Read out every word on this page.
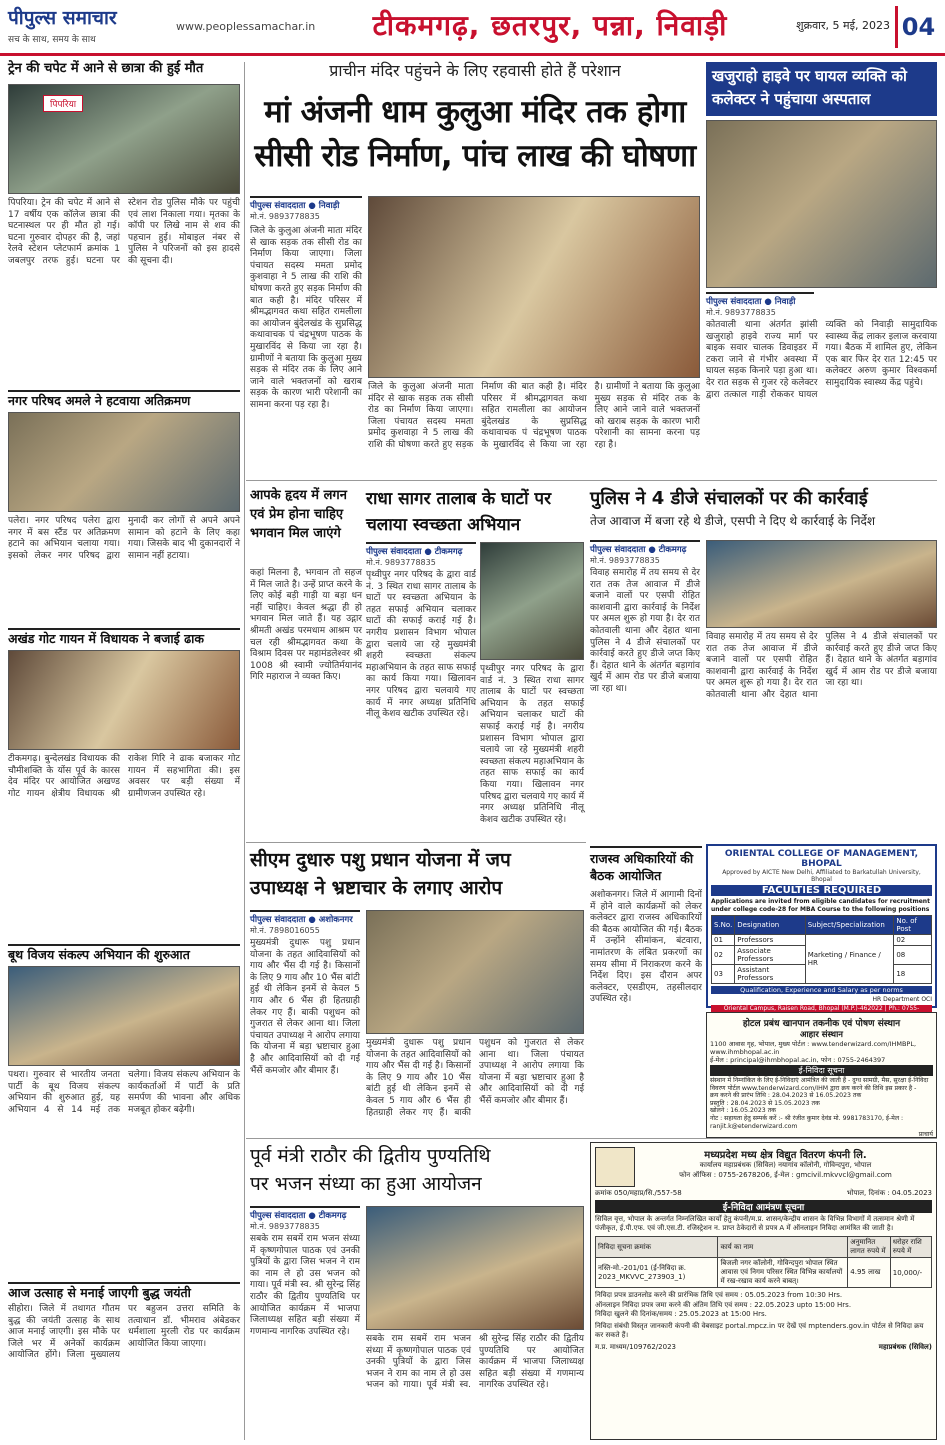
पीपुल्स समाचार
सच के साथ, समय के साथ
www.peoplessamachar.in	टीकमगढ़, छतरपुर, पन्ना, निवाड़ी	शुक्रवार, 5 मई, 2023 04
ट्रेन की चपेट में आने से छात्रा की हुई मौत
पिपरिया
पिपरिया। ट्रेन की चपेट में आने से 17 वर्षीय एक कॉलेज छात्रा की घटनास्थल पर ही मौत हो गई। घटना गुरुवार दोपहर की है, जहां रेलवे स्टेशन प्लेटफार्म क्रमांक 1 जबलपुर तरफ हुई। घटना पर स्टेशन रोड पुलिस मौके पर पहुंची एवं लाश निकाला गया। मृतका के कॉपी पर लिखे नाम से शव की पहचान हुई। मोबाइल नंबर से पुलिस ने परिजनों को इस हादसे की सूचना दी।
नगर परिषद अमले ने हटवाया अतिक्रमण
पलेरा। नगर परिषद पलेरा द्वारा नगर में बस स्टैंड पर अतिक्रमण हटाने का अभियान चलाया गया। इसको लेकर नगर परिषद द्वारा मुनादी कर लोगों से अपने अपने सामान को हटाने के लिए कहा गया। जिसके बाद भी दुकानदारों ने सामान नहीं हटाया।
अखंड गोट गायन में विधायक ने बजाई ढाक
टीकमगढ़। बुन्देलखंड विधायक की चौमीशक्ति के योंस पूर्व के कारस देव मंदिर पर आयोजित अखण्ड गोट गायन क्षेत्रीय विधायक श्री राकेश गिरि ने ढाक बजाकर गोट गायन में सहभागिता की। इस अवसर पर बड़ी संख्या में ग्रामीणजन उपस्थित रहे।
बूथ विजय संकल्प अभियान की शुरुआत
पथरा। गुरुवार से भारतीय जनता पार्टी के बूथ विजय संकल्प अभियान की शुरुआत हुई, यह अभियान 4 से 14 मई तक चलेगा। विजय संकल्प अभियान के कार्यकर्ताओं में पार्टी के प्रति समर्पण की भावना और अधिक मजबूत होकर बढ़ेगी।
आज उत्साह से मनाई जाएगी बुद्ध जयंती
सीहोरा। जिले में तथागत गौतम बुद्ध की जयंती उत्साह के साथ आज मनाई जाएगी। इस मौके पर जिले भर में अनेकों कार्यक्रम आयोजित होंगे। जिला मुख्यालय पर बहुजन उत्तरा समिति के तत्वाधान डॉ. भीमराव अंबेडकर धर्मशाला मुरली रोड पर कार्यक्रम आयोजित किया जाएगा।
प्राचीन मंदिर पहुंचने के लिए रहवासी होते हैं परेशान
मां अंजनी धाम कुलुआ मंदिर तक होगा
सीसी रोड निर्माण, पांच लाख की घोषणा
पीपुल्स संवाददाता ● निवाड़ी
मो.नं. 9893778835
जिले के कुलुआ अंजनी माता मंदिर से खाक सड़क तक सीसी रोड का निर्माण किया जाएगा। जिला पंचायत सदस्य ममता प्रमोद कुशवाहा ने 5 लाख की राशि की घोषणा करते हुए सड़क निर्माण की बात कही है। मंदिर परिसर में श्रीमद्भागवत कथा सहित रामलीला का आयोजन बुंदेलखंड के सुप्रसिद्ध कथावाचक पं चंद्रभूषण पाठक के मुखारविंद से किया जा रहा है। ग्रामीणों ने बताया कि कुलुआ मुख्य सड़क से मंदिर तक के लिए आने जाने वाले भक्तजनों को खराब सड़क के कारण भारी परेशानी का सामना करना पड़ रहा है।
जिले के कुलुआ अंजनी माता मंदिर से खाक सड़क तक सीसी रोड का निर्माण किया जाएगा। जिला पंचायत सदस्य ममता प्रमोद कुशवाहा ने 5 लाख की राशि की घोषणा करते हुए सड़क निर्माण की बात कही है। मंदिर परिसर में श्रीमद्भागवत कथा सहित रामलीला का आयोजन बुंदेलखंड के सुप्रसिद्ध कथावाचक पं चंद्रभूषण पाठक के मुखारविंद से किया जा रहा है। ग्रामीणों ने बताया कि कुलुआ मुख्य सड़क से मंदिर तक के लिए आने जाने वाले भक्तजनों को खराब सड़क के कारण भारी परेशानी का सामना करना पड़ रहा है।
खजुराहो हाइवे पर घायल व्यक्ति को कलेक्टर ने पहुंचाया अस्पताल
पीपुल्स संवाददाता ● निवाड़ी
मो.नं. 9893778835
कोतवाली थाना अंतर्गत झांसी खजुराहो हाइवे राज्य मार्ग पर बाइक सवार चालक डिवाइडर में टकरा जाने से गंभीर अवस्था में घायल सड़क किनारे पड़ा हुआ था। देर रात सड़क से गुजर रहे कलेक्टर द्वारा तत्काल गाड़ी रोककर घायल व्यक्ति को निवाड़ी सामुदायिक स्वास्थ्य केंद्र लाकर इलाज करवाया गया। बैठक में शामिल हुए, लेकिन एक बार फिर देर रात 12:45 पर कलेक्टर अरुण कुमार विश्वकर्मा सामुदायिक स्वास्थ्य केंद्र पहुंचे।
आपके हृदय में लगन एवं प्रेम होना चाहिए भगवान मिल जाएंगे
कहां मिलना है, भगवान तो सहज में मिल जाते है। उन्हें प्राप्त करने के लिए कोई बड़ी गाड़ी या बड़ा धन नहीं चाहिए। केवल श्रद्धा ही हो भगवान मिल जाते हैं। यह उद्गार श्रीमती अखंड परमधाम आश्रम पर चल रही श्रीमद्भागवत कथा के विश्राम दिवस पर महामंडलेश्वर श्री 1008 श्री स्वामी ज्योतिर्मयानंद गिरि महाराज ने व्यक्त किए।
राधा सागर तालाब के घाटों पर चलाया स्वच्छता अभियान
पीपुल्स संवाददाता ● टीकमगढ़
मो.नं. 9893778835
पृथ्वीपुर नगर परिषद के द्वारा वार्ड नं. 3 स्थित राधा सागर तालाब के घाटों पर स्वच्छता अभियान के तहत सफाई अभियान चलाकर घाटों की सफाई कराई गई है। नगरीय प्रशासन विभाग भोपाल द्वारा चलाये जा रहे मुख्यमंत्री शहरी स्वच्छता संकल्प महाअभियान के तहत साफ सफाई का कार्य किया गया। खिलावन नगर परिषद द्वारा चलवाये गए कार्य में नगर अध्यक्ष प्रतिनिधि नीलू केशव खटीक उपस्थित रहे।
पृथ्वीपुर नगर परिषद के द्वारा वार्ड नं. 3 स्थित राधा सागर तालाब के घाटों पर स्वच्छता अभियान के तहत सफाई अभियान चलाकर घाटों की सफाई कराई गई है। नगरीय प्रशासन विभाग भोपाल द्वारा चलाये जा रहे मुख्यमंत्री शहरी स्वच्छता संकल्प महाअभियान के तहत साफ सफाई का कार्य किया गया। खिलावन नगर परिषद द्वारा चलवाये गए कार्य में नगर अध्यक्ष प्रतिनिधि नीलू केशव खटीक उपस्थित रहे।
पुलिस ने 4 डीजे संचालकों पर की कार्रवाई
तेज आवाज में बजा रहे थे डीजे, एसपी ने दिए थे कार्रवाई के निर्देश
पीपुल्स संवाददाता ● टीकमगढ़
मो.नं. 9893778835
विवाह समारोह में तय समय से देर रात तक तेज आवाज में डीजे बजाने वालों पर एसपी रोहित काशवानी द्वारा कार्रवाई के निर्देश पर अमल शुरू हो गया है। देर रात कोतवाली थाना और देहात थाना पुलिस ने 4 डीजे संचालकों पर कार्रवाई करते हुए डीजे जप्त किए हैं। देहात थाने के अंतर्गत बड़ागांव खुर्द में आम रोड पर डीजे बजाया जा रहा था।
विवाह समारोह में तय समय से देर रात तक तेज आवाज में डीजे बजाने वालों पर एसपी रोहित काशवानी द्वारा कार्रवाई के निर्देश पर अमल शुरू हो गया है। देर रात कोतवाली थाना और देहात थाना पुलिस ने 4 डीजे संचालकों पर कार्रवाई करते हुए डीजे जप्त किए हैं। देहात थाने के अंतर्गत बड़ागांव खुर्द में आम रोड पर डीजे बजाया जा रहा था।
सीएम दुधारु पशु प्रधान योजना में जप
उपाध्यक्ष ने भ्रष्टाचार के लगाए आरोप
पीपुल्स संवाददाता ● अशोकनगर
मो.नं. 7898016055
मुख्यमंत्री दुधारू पशु प्रधान योजना के तहत आदिवासियों को गाय और भैंस दी गई है। किसानों के लिए 9 गाय और 10 भैंस बांटी हुई थी लेकिन इनमें से केवल 5 गाय और 6 भैंस ही हितग्राही लेकर गए हैं। बाकी पशुधन को गुजरात से लेकर आना था। जिला पंचायत उपाध्यक्ष ने आरोप लगाया कि योजना में बड़ा भ्रष्टाचार हुआ है और आदिवासियों को दी गई भैंसें कमजोर और बीमार हैं।
मुख्यमंत्री दुधारू पशु प्रधान योजना के तहत आदिवासियों को गाय और भैंस दी गई है। किसानों के लिए 9 गाय और 10 भैंस बांटी हुई थी लेकिन इनमें से केवल 5 गाय और 6 भैंस ही हितग्राही लेकर गए हैं। बाकी पशुधन को गुजरात से लेकर आना था। जिला पंचायत उपाध्यक्ष ने आरोप लगाया कि योजना में बड़ा भ्रष्टाचार हुआ है और आदिवासियों को दी गई भैंसें कमजोर और बीमार हैं।
राजस्व अधिकारियों की बैठक आयोजित
अशोकनगर। जिले में आगामी दिनों में होने वाले कार्यक्रमों को लेकर कलेक्टर द्वारा राजस्व अधिकारियों की बैठक आयोजित की गई। बैठक में उन्होंने सीमांकन, बंटवारा, नामांतरण के लंबित प्रकरणों का समय सीमा में निराकरण करने के निर्देश दिए। इस दौरान अपर कलेक्टर, एसडीएम, तहसीलदार उपस्थित रहे।
ORIENTAL COLLEGE OF MANAGEMENT, BHOPAL
Approved by AICTE New Delhi, Affiliated to Barkatullah University, Bhopal
FACULTIES REQUIRED
Applications are invited from eligible candidates for recruitment under college code-28 for MBA Course to the following positions
S.No.	Designation	Subject/Specialization	No. of Post
01	Professors	Marketing / Finance / HR	02
02	Associate Professors		08
03	Assistant Professors		18
Qualification, Experience and Salary as per norms
HR Department OCI
Oriental Campus, Raisen Road, Bhopal (M.P.)-462022 | Ph.: 0755-
होटल प्रबंध खानपान तकनीक एवं पोषण संस्थान
आहार संस्थान
1100 आवास गृह, भोपाल, मुख्य पोर्टल : www.tenderwizard.com/IHMBPL, www.ihmbhopal.ac.in
ई-मेल : principal@ihmbhopal.ac.in, फोन : 0755-2464397
ई-निविदा सूचना
संस्थान में निम्नांकित के लिए ई-निविदाएं आमंत्रित की जाती हैं - दुग्ध सामग्री, मैस, सुरक्षा ई-निविदा विवरण पोर्टल www.tenderwizard.com/IHM द्वारा क्रय करने की तिथि इस प्रकार है -
क्रय करने की प्रारंभ तिथि : 28.04.2023 से 16.05.2023 तक
प्रस्तुति : 28.04.2023 से 15.05.2023 तक
खोलने : 16.05.2023 तक
नोट : सहायता हेतु सम्पर्क करें :- श्री रंजीत कुमार देवंड मो. 9981783170, ई-मेल : ranjit.k@etenderwizard.com
प्राचार्य
पूर्व मंत्री राठौर की द्वितीय पुण्यतिथि
पर भजन संध्या का हुआ आयोजन
पीपुल्स संवाददाता ● टीकमगढ़
मो.नं. 9893778835
सबके राम सबमें राम भजन संध्या में कृष्णगोपाल पाठक एवं उनकी पुत्रियों के द्वारा जिस भजन ने राम का नाम ले हो उस भजन को गाया। पूर्व मंत्री स्व. श्री सुरेन्द्र सिंह राठौर की द्वितीय पुण्यतिथि पर आयोजित कार्यक्रम में भाजपा जिलाध्यक्ष सहित बड़ी संख्या में गणमान्य नागरिक उपस्थित रहे।
सबके राम सबमें राम भजन संध्या में कृष्णगोपाल पाठक एवं उनकी पुत्रियों के द्वारा जिस भजन ने राम का नाम ले हो उस भजन को गाया। पूर्व मंत्री स्व. श्री सुरेन्द्र सिंह राठौर की द्वितीय पुण्यतिथि पर आयोजित कार्यक्रम में भाजपा जिलाध्यक्ष सहित बड़ी संख्या में गणमान्य नागरिक उपस्थित रहे।
मध्यप्रदेश मध्य क्षेत्र विद्युत वितरण कंपनी लि.
कार्यालय महाप्रबंधक (सिविल) नयागांव कॉलोनी, गोविन्दपुरा, भोपाल
फोन ऑफिस : 0755-2678206, ई-मेल : gmcivil.mkvvcl@gmail.com
क्रमांक 050/महाप्र/सि./557-58	भोपाल, दिनांक : 04.05.2023
ई-निविदा आमंत्रण सूचना
सिविल वृत्त, भोपाल के अन्तर्गत निम्नलिखित कार्यों हेतु कंपनी/म.प्र. शासन/केन्द्रीय शासन के विभिन्न विभागों में तत्समान श्रेणी में पंजीकृत, ई.पी.एफ. एवं जी.एस.टी. रजिस्ट्रेशन न. प्राप्त ठेकेदारों से प्रपत्र A में ऑनलाइन निविदा आमंत्रित की जाती है।
निविदा सूचना क्रमांक	कार्य का नाम	अनुमानित लागत रुपये में	धरोहर राशि रुपये में
नस्ति-मो.-201/01 (ई-निविदा क्र. 2023_MKVVC_273903_1)	बिजली नगर कॉलोनी, गोविन्दपुरा भोपाल स्थित आवास एवं निगम परिसर स्थित विभिन्न कार्यालयों में रख-रखाव कार्य करने बाबत्।	4.95 लाख	10,000/-
निविदा प्रपत्र डाउनलोड करने की प्रारंभिक तिथि एवं समय : 05.05.2023 from 10:30 Hrs.
ऑनलाइन निविदा प्रपत्र जमा करने की अंतिम तिथि एवं समय : 22.05.2023 upto 15:00 Hrs.
निविदा खुलने की दिनांक/समय : 25.05.2023 at 15:00 Hrs.
निविदा संबंधी विस्तृत जानकारी कंपनी की वेबसाइट portal.mpcz.in पर देखें एवं mptenders.gov.in पोर्टल से निविदा क्रय कर सकते हैं।
म.प्र. माध्यम/109762/2023	महाप्रबंधक (सिविल)
